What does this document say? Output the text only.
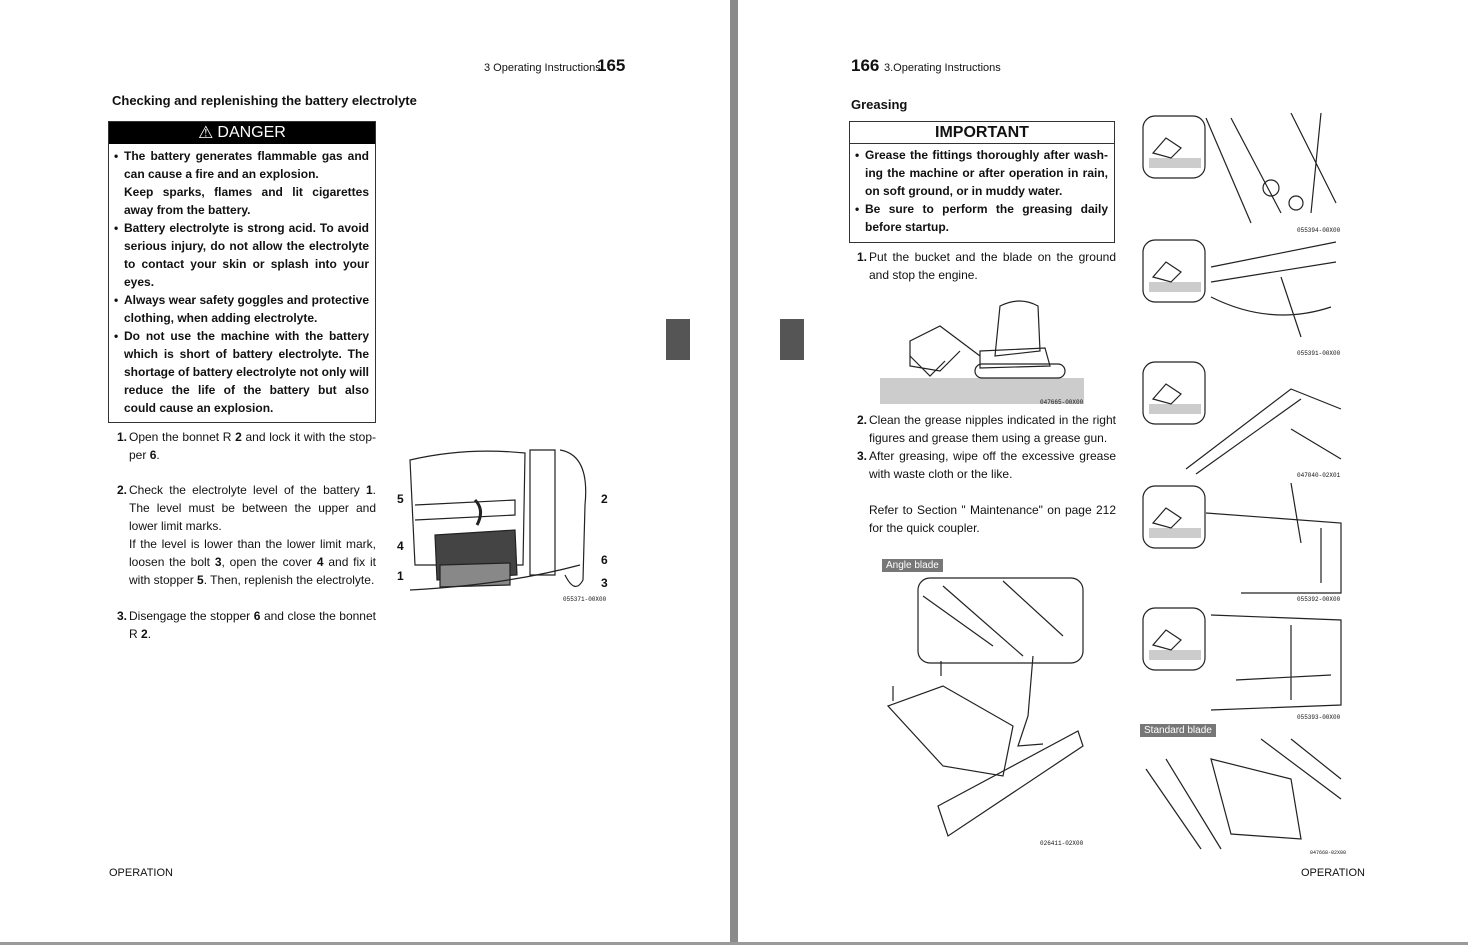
3 Operating Instructions
165
Checking and replenishing the battery electrolyte
⚠ DANGER
• The battery generates flammable gas and can cause a fire and an explosion.
Keep sparks, flames and lit cigarettes away from the battery.
• Battery electrolyte is strong acid. To avoid serious injury, do not allow the electrolyte to contact your skin or splash into your eyes.
• Always wear safety goggles and protective clothing, when adding electrolyte.
• Do not use the machine with the battery which is short of battery electrolyte. The shortage of battery electrolyte not only will reduce the life of the battery but also could cause an explosion.
1. Open the bonnet R 2 and lock it with the stop-per 6.
2. Check the electrolyte level of the battery 1. The level must be between the upper and lower limit marks.
If the level is lower than the lower limit mark, loosen the bolt 3, open the cover 4 and fix it with stopper 5. Then, replenish the electrolyte.
3. Disengage the stopper 6 and close the bonnet R 2.
5
4
1
2
6
3
055371-00X00
OPERATION
166 3.Operating Instructions
Greasing
IMPORTANT
• Grease the fittings thoroughly after wash-ing the machine or after operation in rain, on soft ground, or in muddy water.
• Be sure to perform the greasing daily before startup.
1. Put the bucket and the blade on the ground and stop the engine.
047665-00X00
2. Clean the grease nipples indicated in the right figures and grease them using a grease gun.
3. After greasing, wipe off the excessive grease with waste cloth or the like.
Refer to Section " Maintenance" on page 212 for the quick coupler.
Angle blade
026411-02X00
055394-00X00
055391-00X00
047040-02X01
055392-00X00
055393-00X00
Standard blade
047668-02X00
OPERATION
